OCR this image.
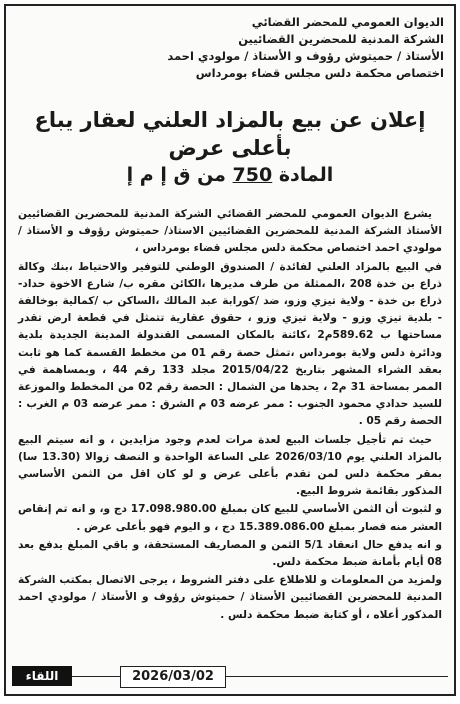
الديوان العمومي للمحضر القضائي
الشركة المدنية للمحضرين القضائيين
الأستاذ / حميتوش رؤوف و الأستاذ / مولودي احمد
اختصاص محكمة دلس مجلس قضاء بومرداس
إعلان عن بيع بالمزاد العلني لعقار يباع
بأعلى عرض
المادة 750 من ق إ م إ

يشرع الديوان العمومي للمحضر القضائي الشركة المدنية للمحضرين القضائيين الأستاذ الشركة المدنية للمحضرين القضائيين الاستاذ/ حميتوش رؤوف و الأستاذ /مولودي احمد اختصاص محكمة دلس مجلس قضاء بومرداس ،

في البيع بالمزاد العلني لفائدة / الصندوق الوطني للتوفير والاحتياط ،بنك وكالة ذراع بن خدة 208 ،الممثلة من طرف مديرها ،الكائن مقره ب/ شارع الاخوة حداد- ذراع بن خدة - ولاية تيزي وزو، ضد /كورابة عبد المالك ،الساكن ب /كمالية بوخالفة - بلدية تيزي وزو - ولاية تيزي وزو ، حقوق عقارية تتمثل في قطعة ارض تقدر مساحتها ب 589.62م2 ،كائنة بالمكان المسمى القندولة المدينة الجديدة بلدية ودائرة دلس ولاية بومرداس ،تمثل حصة رقم 01 من مخطط القسمة كما هو ثابت بعقد الشراء المشهر بتاريخ 2015/04/22 مجلد 133 رقم 44 ، وبمساهمة في الممر بمساحة 31 م2 ، يحدها من الشمال : الحصة رقم 02 من المخطط والموزعة للسيد حدادي محمود الجنوب : ممر عرضه 03 م الشرق : ممر عرضه 03 م الغرب : الحصة رقم 05 .

حيث تم تأجيل جلسات البيع لعدة مرات لعدم وجود مزايدين ، و انه سيتم البيع بالمزاد العلني يوم 2026/03/10 على الساعة الواحدة و النصف زوالا (13.30 سا) بمقر محكمة دلس لمن تقدم بأعلى عرض و لو كان اقل من الثمن الأساسي المذكور بقائمة شروط البيع.

و لثبوت أن الثمن الأساسي للبيع كان بمبلغ 17.098.980.00 دج و، و انه تم إنقاص العشر منه فصار بمبلغ 15.389.086.00 دج ، و اليوم فهو بأعلى عرض .

و انه يدفع حال انعقاد 5/1 الثمن و المصاريف المستحقة، و باقي المبلغ يدفع بعد 08 أيام بأمانة ضبط محكمة دلس.

ولمزيد من المعلومات و للاطلاع على دفتر الشروط ، يرجى الاتصال بمكتب الشركة المدنية للمحضرين القضائيين الأستاذ / حميتوش رؤوف و الأستاذ / مولودي احمد المذكور أعلاه ، أو كتابة ضبط محكمة دلس .

2026/03/02
اللقاء
